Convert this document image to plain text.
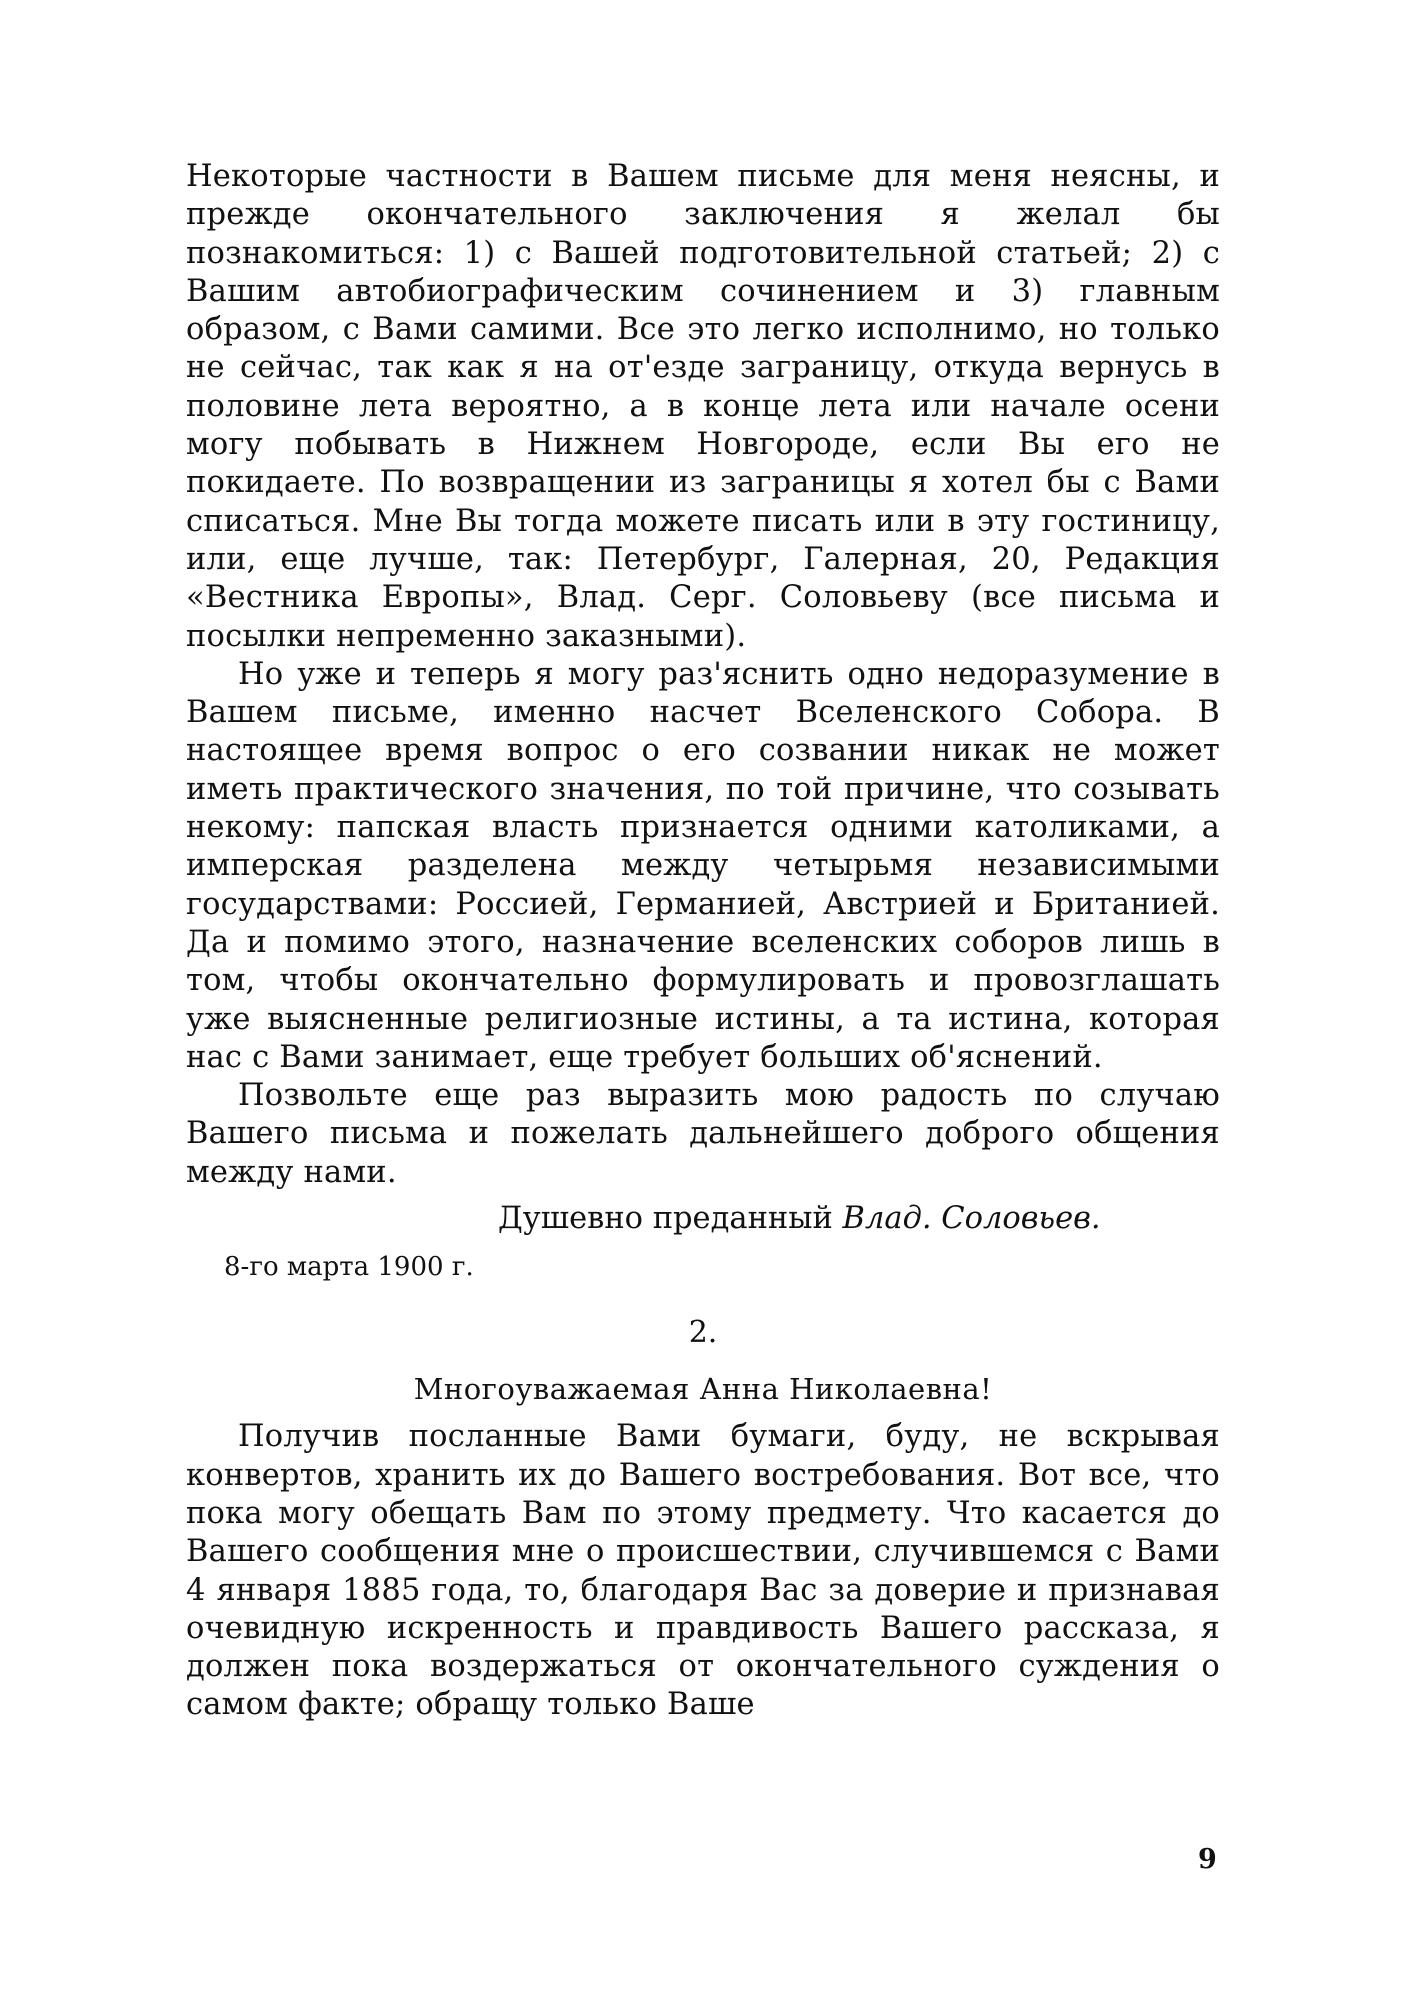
Некоторые частности в Вашем письме для меня неясны, и прежде окончательного заключения я желал бы познакомиться: 1) с Вашей подготовительной статьей; 2) с Вашим автобиографическим сочинением и 3) главным образом, с Вами самими. Все это легко исполнимо, но только не сейчас, так как я на от'езде заграницу, откуда вернусь в половине лета вероятно, а в конце лета или начале осени могу побывать в Нижнем Новгороде, если Вы его не покидаете. По возвращении из заграницы я хотел бы с Вами списаться. Мне Вы тогда можете писать или в эту гостиницу, или, еще лучше, так: Петербург, Галерная, 20, Редакция «Вестника Европы», Влад. Серг. Соловьеву (все письма и посылки непременно заказными).

Но уже и теперь я могу раз'яснить одно недоразумение в Вашем письме, именно насчет Вселенского Собора. В настоящее время вопрос о его созвании никак не может иметь практического значения, по той причине, что созывать некому: папская власть признается одними католиками, а имперская разделена между четырьмя независимыми государствами: Россией, Германией, Австрией и Британией. Да и помимо этого, назначение вселенских соборов лишь в том, чтобы окончательно формулировать и провозглашать уже выясненные религиозные истины, а та истина, которая нас с Вами занимает, еще требует больших об'яснений.

Позвольте еще раз выразить мою радость по случаю Вашего письма и пожелать дальнейшего доброго общения между нами.

Душевно преданный Влад. Соловьев.
8-го марта 1900 г.
2.
Многоуважаемая Анна Николаевна!

Получив посланные Вами бумаги, буду, не вскрывая конвертов, хранить их до Вашего востребования. Вот все, что пока могу обещать Вам по этому предмету. Что касается до Вашего сообщения мне о происшествии, случившемся с Вами 4 января 1885 года, то, благодаря Вас за доверие и признавая очевидную искренность и правдивость Вашего рассказа, я должен пока воздержаться от окончательного суждения о самом факте; обращу только Ваше

9
